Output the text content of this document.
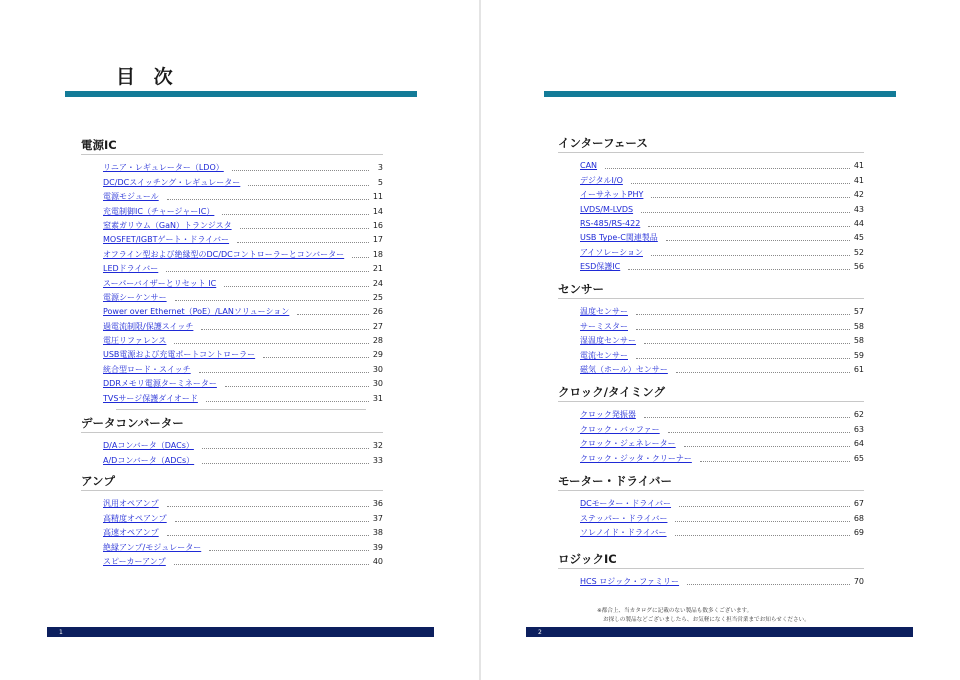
目 次
電源IC
リニア・レギュレーター（LDO）	3
DC/DCスイッチング・レギュレーター	5
電源モジュール	11
充電制御IC（チャージャーIC）	14
窒素ガリウム（GaN）トランジスタ	16
MOSFET/IGBTゲート・ドライバー	17
オフライン型および絶縁型のDC/DCコントローラーとコンバーター	18
LEDドライバー	21
スーパーバイザーとリセット IC	24
電源シーケンサー	25
Power over Ethernet（PoE）/LANソリューション	26
過電流制限/保護スイッチ	27
電圧リファレンス	28
USB電源および充電ポートコントローラー	29
統合型ロード・スイッチ	30
DDRメモリ電源ターミネーター	30
TVSサージ保護ダイオード	31
データコンバーター
D/Aコンバータ（DACs）	32
A/Dコンバータ（ADCs）	33
アンプ
汎用オペアンプ	36
高精度オペアンプ	37
高速オペアンプ	38
絶縁アンプ/モジュレーター	39
スピーカーアンプ	40
1
インターフェース
CAN	41
デジタルI/O	41
イーサネットPHY	42
LVDS/M-LVDS	43
RS-485/RS-422	44
USB Type-C関連製品	45
アイソレーション	52
ESD保護IC	56
センサー
温度センサー	57
サーミスター	58
湿温度センサー	58
電流センサー	59
磁気（ホール）センサー	61
クロック/タイミング
クロック発振器	62
クロック・バッファー	63
クロック・ジェネレーター	64
クロック・ジッタ・クリーナー	65
モーター・ドライバー
DCモーター・ドライバー	67
ステッパー・ドライバー	68
ソレノイド・ドライバー	69
ロジックIC
HCS ロジック・ファミリー	70

※都合上、当カタログに記載のない製品も数多くございます。
お探しの製品などございましたら、お気軽になく担当営業までお知らせください。

2
